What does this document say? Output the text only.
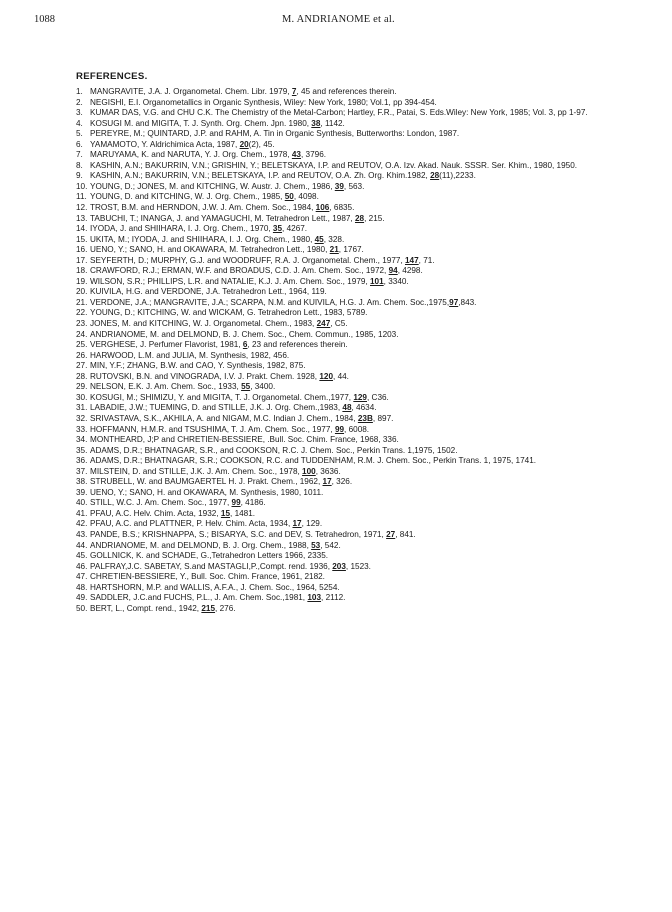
1088	M. ANDRIANOME et al.
REFERENCES.
1. MANGRAVITE, J.A. J. Organometal. Chem. Libr. 1979, 7, 45 and references therein.
2. NEGISHI, E.I. Organometallics in Organic Synthesis, Wiley: New York, 1980; Vol.1, pp 394-454.
3. KUMAR DAS, V.G. and CHU C.K. The Chemistry of the Metal-Carbon; Hartley, F.R., Patai, S. Eds.Wiley: New York, 1985; Vol. 3, pp 1-97.
4. KOSUGI M. and MIGITA, T. J. Synth. Org. Chem. Jpn. 1980, 38, 1142.
5. PEREYRE, M.; QUINTARD, J.P. and RAHM, A. Tin in Organic Synthesis, Butterworths: London, 1987.
6. YAMAMOTO, Y. Aldrichimica Acta, 1987, 20(2), 45.
7. MARUYAMA, K. and NARUTA, Y. J. Org. Chem., 1978, 43, 3796.
8. KASHIN, A.N.; BAKURRIN, V.N.; GRISHIN, Y.; BELETSKAYA, I.P. and REUTOV, O.A. Izv. Akad. Nauk. SSSR. Ser. Khim., 1980, 1950.
9. KASHIN, A.N.; BAKURRIN, V.N.; BELETSKAYA, I.P. and REUTOV, O.A. Zh. Org. Khim.1982, 28(11),2233.
10. YOUNG, D.; JONES, M. and KITCHING, W. Austr. J. Chem., 1986, 39, 563.
11. YOUNG, D. and KITCHING, W. J. Org. Chem., 1985, 50, 4098.
12. TROST, B.M. and HERNDON, J.W. J. Am. Chem. Soc., 1984, 106, 6835.
13. TABUCHI, T.; INANGA, J. and YAMAGUCHI, M. Tetrahedron Lett., 1987, 28, 215.
14. IYODA, J. and SHIIHARA, I. J. Org. Chem., 1970, 35, 4267.
15. UKITA, M.; IYODA, J. and SHIIHARA, I. J. Org. Chem., 1980, 45, 328.
16. UENO, Y.; SANO, H. and OKAWARA, M. Tetrahedron Lett., 1980, 21, 1767.
17. SEYFERTH, D.; MURPHY, G.J. and WOODRUFF, R.A. J. Organometal. Chem., 1977, 147, 71.
18. CRAWFORD, R.J.; ERMAN, W.F. and BROADUS, C.D. J. Am. Chem. Soc., 1972, 94, 4298.
19. WILSON, S.R.; PHILLIPS, L.R. and NATALIE, K.J. J. Am. Chem. Soc., 1979, 101, 3340.
20. KUIVILA, H.G. and VERDONE, J.A. Tetrahedron Lett., 1964, 119.
21. VERDONE, J.A.; MANGRAVITE, J.A.; SCARPA, N.M. and KUIVILA, H.G. J. Am. Chem. Soc.,1975,97,843.
22. YOUNG, D.; KITCHING, W. and WICKAM, G. Tetrahedron Lett., 1983, 5789.
23. JONES, M. and KITCHING, W. J. Organometal. Chem., 1983, 247, C5.
24. ANDRIANOME, M. and DELMOND, B. J. Chem. Soc., Chem. Commun., 1985, 1203.
25. VERGHESE, J. Perfumer Flavorist, 1981, 6, 23 and references therein.
26. HARWOOD, L.M. and JULIA, M. Synthesis, 1982, 456.
27. MIN, Y.F.; ZHANG, B.W. and CAO, Y. Synthesis, 1982, 875.
28. RUTOVSKI, B.N. and VINOGRADA, I.V. J. Prakt. Chem. 1928, 120, 44.
29. NELSON, E.K. J. Am. Chem. Soc., 1933, 55, 3400.
30. KOSUGI, M.; SHIMIZU, Y. and MIGITA, T. J. Organometal. Chem.,1977, 129, C36.
31. LABADIE, J.W.; TUEMING, D. and STILLE, J.K. J. Org. Chem.,1983, 48, 4634.
32. SRIVASTAVA, S.K., AKHILA, A. and NIGAM, M.C. Indian J. Chem., 1984, 23B, 897.
33. HOFFMANN, H.M.R. and TSUSHIMA, T. J. Am. Chem. Soc., 1977, 99, 6008.
34. MONTHEARD, J;P and CHRETIEN-BESSIERE, .Bull. Soc. Chim. France, 1968, 336.
35. ADAMS, D.R.; BHATNAGAR, S.R., and COOKSON, R.C. J. Chem. Soc., Perkin Trans. 1,1975, 1502.
36. ADAMS, D.R.; BHATNAGAR, S.R.; COOKSON, R.C. and TUDDENHAM, R.M. J. Chem. Soc., Perkin Trans. 1, 1975, 1741.
37. MILSTEIN, D. and STILLE, J.K. J. Am. Chem. Soc., 1978, 100, 3636.
38. STRUBELL, W. and BAUMGAERTEL H. J. Prakt. Chem., 1962, 17, 326.
39. UENO, Y.; SANO, H. and OKAWARA, M. Synthesis, 1980, 1011.
40. STILL, W.C. J. Am. Chem. Soc., 1977, 99, 4186.
41. PFAU, A.C. Helv. Chim. Acta, 1932, 15, 1481.
42. PFAU, A.C. and PLATTNER, P. Helv. Chim. Acta, 1934, 17, 129.
43. PANDE, B.S.; KRISHNAPPA, S.; BISARYA, S.C. and DEV, S. Tetrahedron, 1971, 27, 841.
44. ANDRIANOME, M. and DELMOND, B. J. Org. Chem., 1988, 53, 542.
45. GOLLNICK, K. and SCHADE, G.,Tetrahedron Letters 1966, 2335.
46. PALFRAY,J.C. SABETAY, S.and MASTAGLI,P.,Compt. rend. 1936, 203, 1523.
47. CHRETIEN-BESSIERE, Y., Bull. Soc. Chim. France, 1961, 2182.
48. HARTSHORN, M.P. and WALLIS, A.F.A., J. Chem. Soc., 1964, 5254.
49. SADDLER, J.C.and FUCHS, P.L., J. Am. Chem. Soc.,1981, 103, 2112.
50. BERT, L., Compt. rend., 1942, 215, 276.
